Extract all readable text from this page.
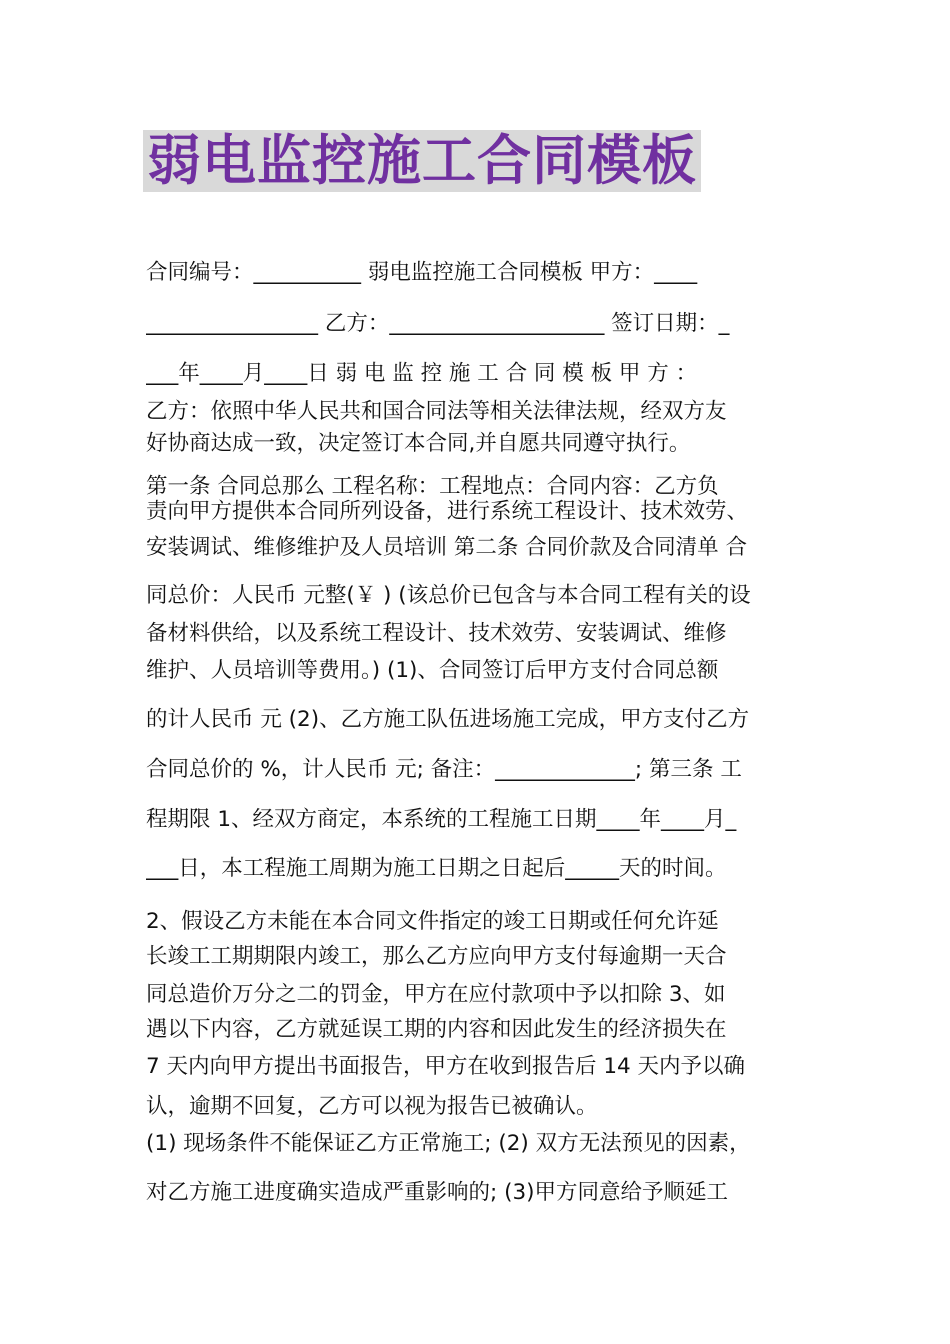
弱电监控施工合同模板
合同编号：__________ 弱电监控施工合同模板 甲方：____
________________ 乙方：____________________ 签订日期：_
___年____月____日 弱 电 监 控 施 工 合 同 模 板 甲 方 ：
乙方：依照中华人民共和国合同法等相关法律法规，经双方友
好协商达成一致，决定签订本合同,并自愿共同遵守执行。
第一条 合同总那么 工程名称：工程地点：合同内容：乙方负
责向甲方提供本合同所列设备，进行系统工程设计、技术效劳、
安装调试、维修维护及人员培训 第二条 合同价款及合同清单 合
同总价：人民币 元整(￥ ) (该总价已包含与本合同工程有关的设
备材料供给，以及系统工程设计、技术效劳、安装调试、维修
维护、人员培训等费用。) (1)、合同签订后甲方支付合同总额
的计人民币 元 (2)、乙方施工队伍进场施工完成，甲方支付乙方
合同总价的 %，计人民币 元; 备注：_____________; 第三条 工
程期限 1、经双方商定，本系统的工程施工日期____年____月_
___日，本工程施工周期为施工日期之日起后_____天的时间。
2、假设乙方未能在本合同文件指定的竣工日期或任何允许延
长竣工工期期限内竣工，那么乙方应向甲方支付每逾期一天合
同总造价万分之二的罚金，甲方在应付款项中予以扣除 3、如
遇以下内容，乙方就延误工期的内容和因此发生的经济损失在
7 天内向甲方提出书面报告，甲方在收到报告后 14 天内予以确
认，逾期不回复，乙方可以视为报告已被确认。
(1) 现场条件不能保证乙方正常施工; (2) 双方无法预见的因素，
对乙方施工进度确实造成严重影响的; (3)甲方同意给予顺延工
